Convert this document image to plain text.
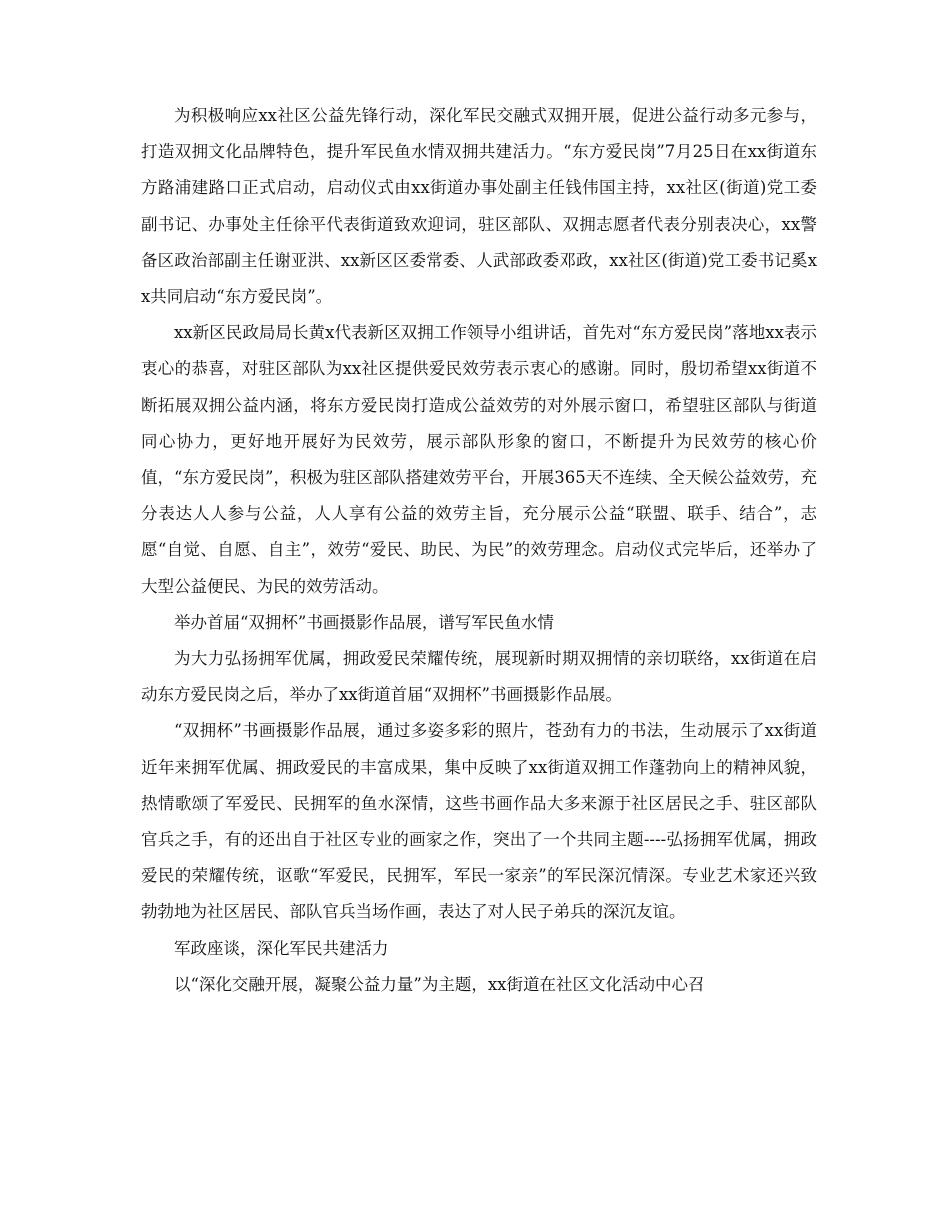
为积极响应xx社区公益先锋行动，深化军民交融式双拥开展，促进公益行动多元参与，打造双拥文化品牌特色，提升军民鱼水情双拥共建活力。“东方爱民岗”7月25日在xx街道东方路浦建路口正式启动，启动仪式由xx街道办事处副主任钱伟国主持，xx社区(街道)党工委副书记、办事处主任徐平代表街道致欢迎词，驻区部队、双拥志愿者代表分别表决心，xx警备区政治部副主任谢亚洪、xx新区区委常委、人武部政委邓政，xx社区(街道)党工委书记奚xx共同启动“东方爱民岗”。

xx新区民政局局长黄x代表新区双拥工作领导小组讲话，首先对“东方爱民岗”落地xx表示衷心的恭喜，对驻区部队为xx社区提供爱民效劳表示衷心的感谢。同时，殷切希望xx街道不断拓展双拥公益内涵，将东方爱民岗打造成公益效劳的对外展示窗口，希望驻区部队与街道同心协力，更好地开展好为民效劳，展示部队形象的窗口，不断提升为民效劳的核心价值，“东方爱民岗”，积极为驻区部队搭建效劳平台，开展365天不连续、全天候公益效劳，充分表达人人参与公益，人人享有公益的效劳主旨，充分展示公益“联盟、联手、结合”，志愿“自觉、自愿、自主”，效劳“爱民、助民、为民”的效劳理念。启动仪式完毕后，还举办了大型公益便民、为民的效劳活动。

举办首届“双拥杯”书画摄影作品展，谱写军民鱼水情

为大力弘扬拥军优属，拥政爱民荣耀传统，展现新时期双拥情的亲切联络，xx街道在启动东方爱民岗之后，举办了xx街道首届“双拥杯”书画摄影作品展。

“双拥杯”书画摄影作品展，通过多姿多彩的照片，苍劲有力的书法，生动展示了xx街道近年来拥军优属、拥政爱民的丰富成果，集中反映了xx街道双拥工作蓬勃向上的精神风貌，热情歌颂了军爱民、民拥军的鱼水深情，这些书画作品大多来源于社区居民之手、驻区部队官兵之手，有的还出自于社区专业的画家之作，突出了一个共同主题----弘扬拥军优属，拥政爱民的荣耀传统，讴歌“军爱民，民拥军，军民一家亲”的军民深沉情深。专业艺术家还兴致勃勃地为社区居民、部队官兵当场作画，表达了对人民子弟兵的深沉友谊。

军政座谈，深化军民共建活力

以“深化交融开展，凝聚公益力量”为主题，xx街道在社区文化活动中心召
